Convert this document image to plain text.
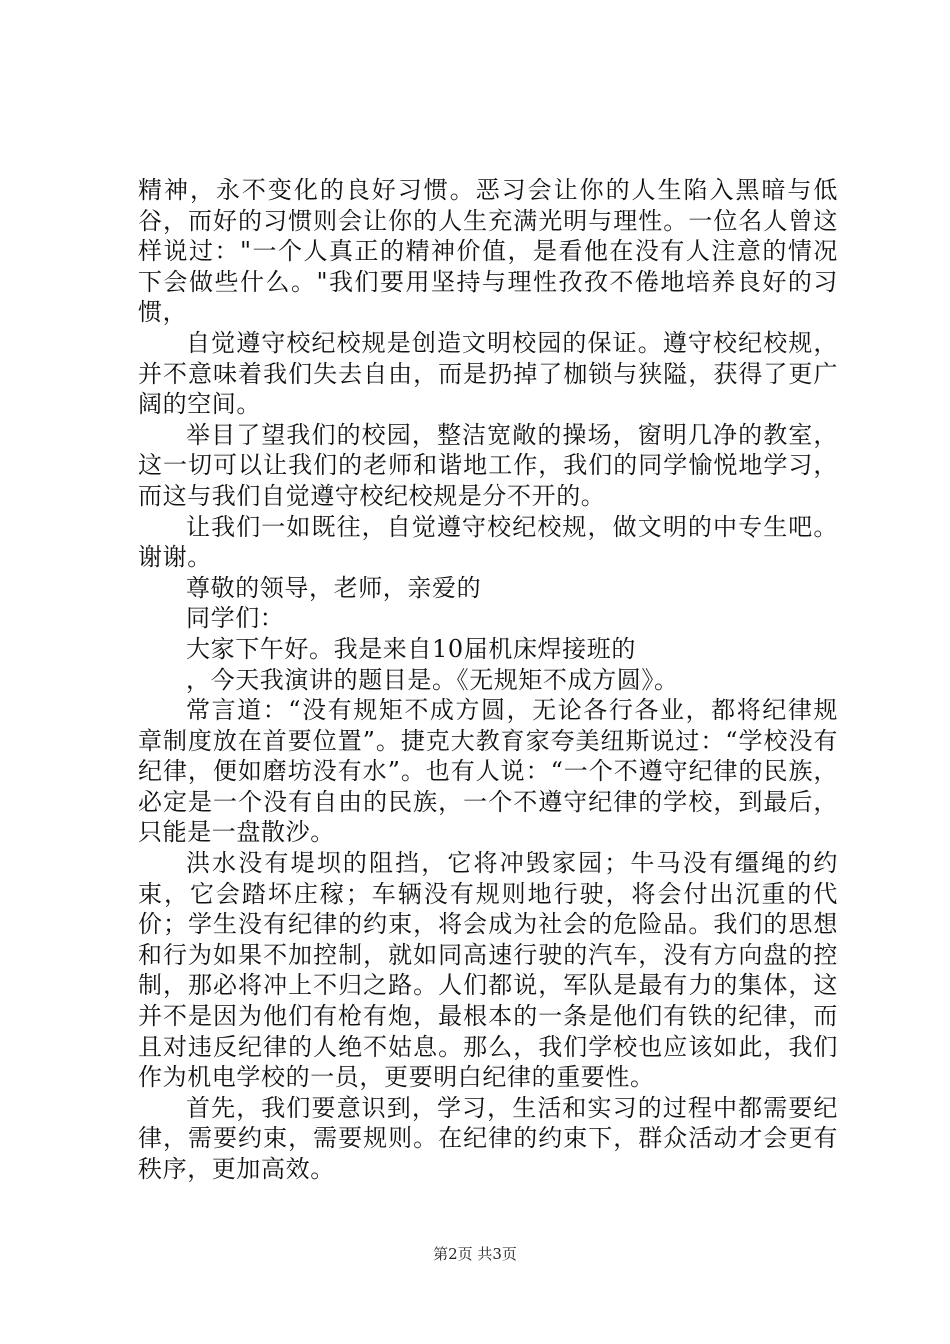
精神，永不变化的良好习惯。恶习会让你的人生陷入黑暗与低谷，而好的习惯则会让你的人生充满光明与理性。一位名人曾这样说过："一个人真正的精神价值，是看他在没有人注意的情况下会做些什么。"我们要用坚持与理性孜孜不倦地培养良好的习惯，

自觉遵守校纪校规是创造文明校园的保证。遵守校纪校规，并不意味着我们失去自由，而是扔掉了枷锁与狭隘，获得了更广阔的空间。

举目了望我们的校园，整洁宽敞的操场，窗明几净的教室，这一切可以让我们的老师和谐地工作，我们的同学愉悦地学习，而这与我们自觉遵守校纪校规是分不开的。

让我们一如既往，自觉遵守校纪校规，做文明的中专生吧。谢谢。

尊敬的领导，老师，亲爱的

同学们：

大家下午好。我是来自10届机床焊接班的

，今天我演讲的题目是。《无规矩不成方圆》。

常言道：“没有规矩不成方圆，无论各行各业，都将纪律规章制度放在首要位置”。捷克大教育家夸美纽斯说过：“学校没有纪律，便如磨坊没有水”。也有人说：“一个不遵守纪律的民族，必定是一个没有自由的民族，一个不遵守纪律的学校，到最后，只能是一盘散沙。

洪水没有堤坝的阻挡，它将冲毁家园；牛马没有缰绳的约束，它会踏坏庄稼；车辆没有规则地行驶，将会付出沉重的代价；学生没有纪律的约束，将会成为社会的危险品。我们的思想和行为如果不加控制，就如同高速行驶的汽车，没有方向盘的控制，那必将冲上不归之路。人们都说，军队是最有力的集体，这并不是因为他们有枪有炮，最根本的一条是他们有铁的纪律，而且对违反纪律的人绝不姑息。那么，我们学校也应该如此，我们作为机电学校的一员，更要明白纪律的重要性。

首先，我们要意识到，学习，生活和实习的过程中都需要纪律，需要约束，需要规则。在纪律的约束下，群众活动才会更有秩序，更加高效。

第2页 共3页
